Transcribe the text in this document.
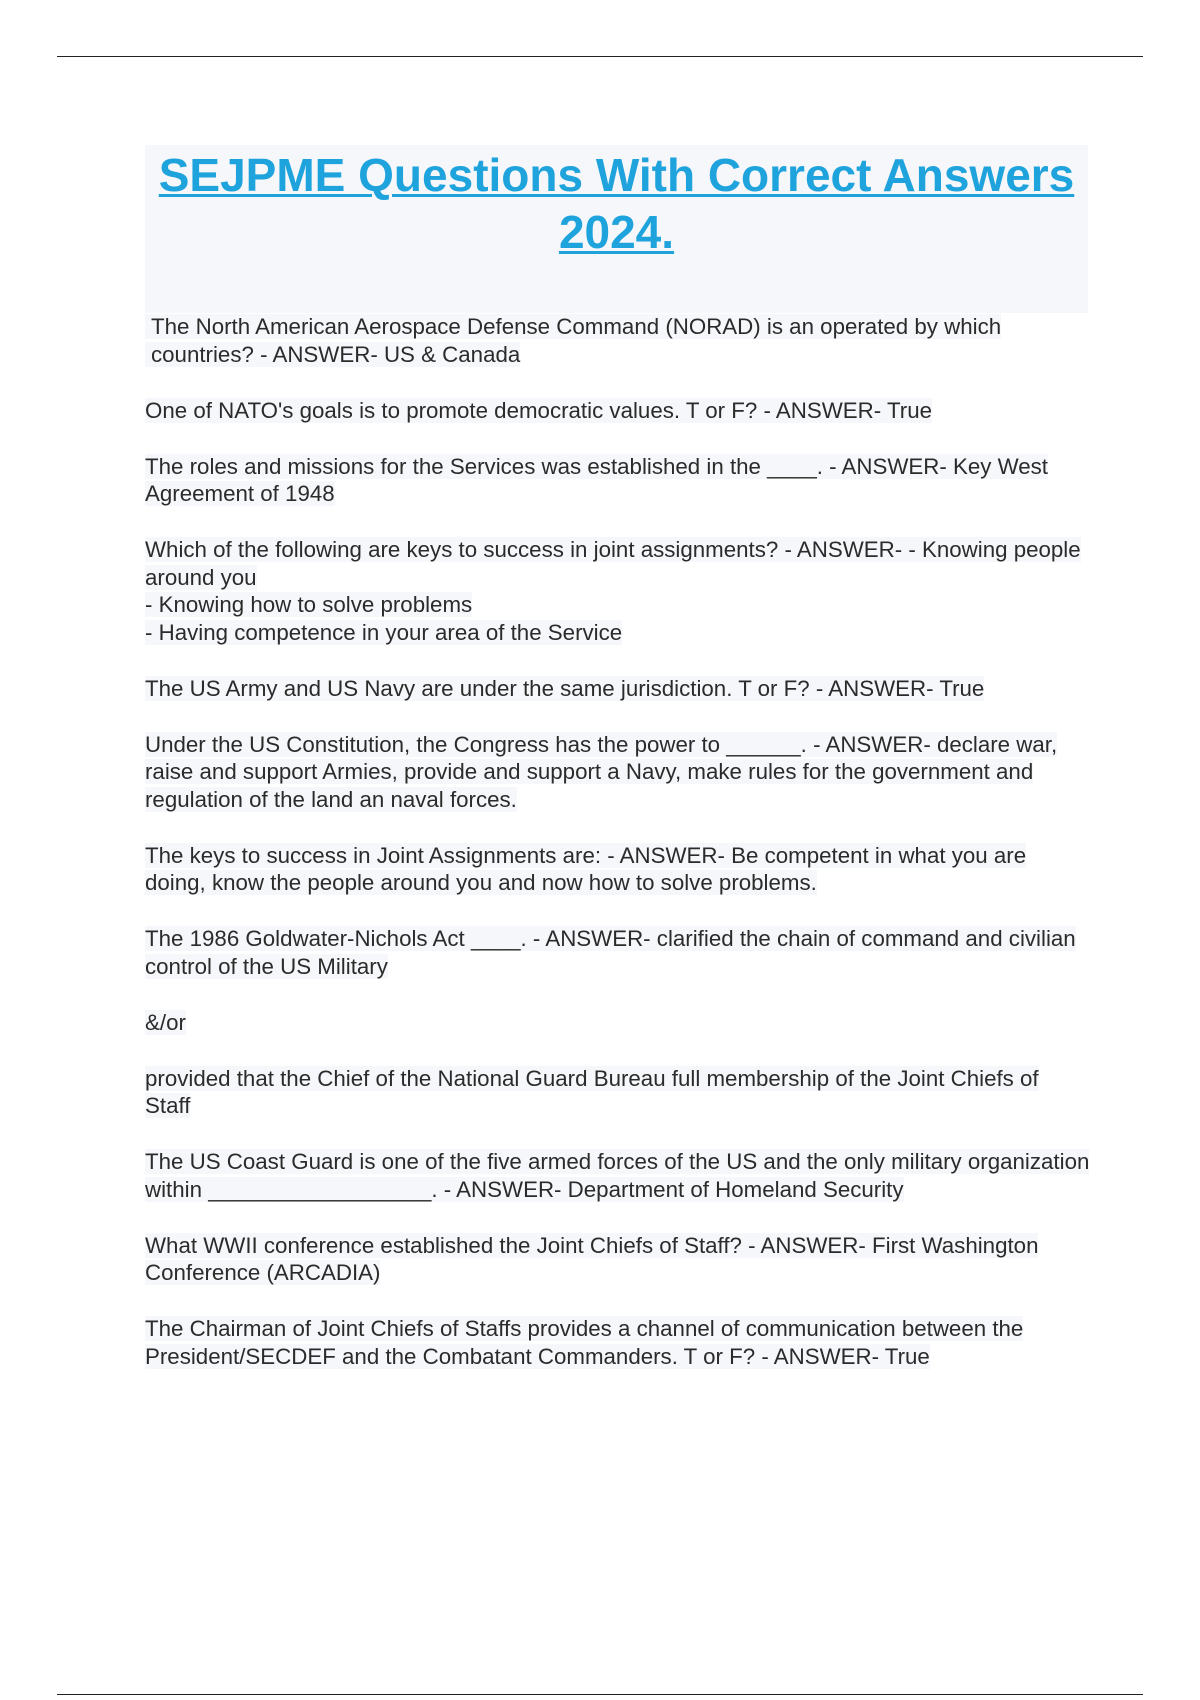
SEJPME Questions With Correct Answers 2024.

The North American Aerospace Defense Command (NORAD) is an operated by which countries? - ANSWER- US & Canada

One of NATO's goals is to promote democratic values. T or F? - ANSWER- True

The roles and missions for the Services was established in the ____. - ANSWER- Key West Agreement of 1948

Which of the following are keys to success in joint assignments? - ANSWER- - Knowing people around you
- Knowing how to solve problems
- Having competence in your area of the Service

The US Army and US Navy are under the same jurisdiction. T or F? - ANSWER- True

Under the US Constitution, the Congress has the power to ______. - ANSWER- declare war, raise and support Armies, provide and support a Navy, make rules for the government and regulation of the land an naval forces.

The keys to success in Joint Assignments are: - ANSWER- Be competent in what you are doing, know the people around you and now how to solve problems.

The 1986 Goldwater-Nichols Act ____. - ANSWER- clarified the chain of command and civilian control of the US Military

&/or

provided that the Chief of the National Guard Bureau full membership of the Joint Chiefs of Staff

The US Coast Guard is one of the five armed forces of the US and the only military organization within __________________. - ANSWER- Department of Homeland Security

What WWII conference established the Joint Chiefs of Staff? - ANSWER- First Washington Conference (ARCADIA)

The Chairman of Joint Chiefs of Staffs provides a channel of communication between the President/SECDEF and the Combatant Commanders. T or F? - ANSWER- True
